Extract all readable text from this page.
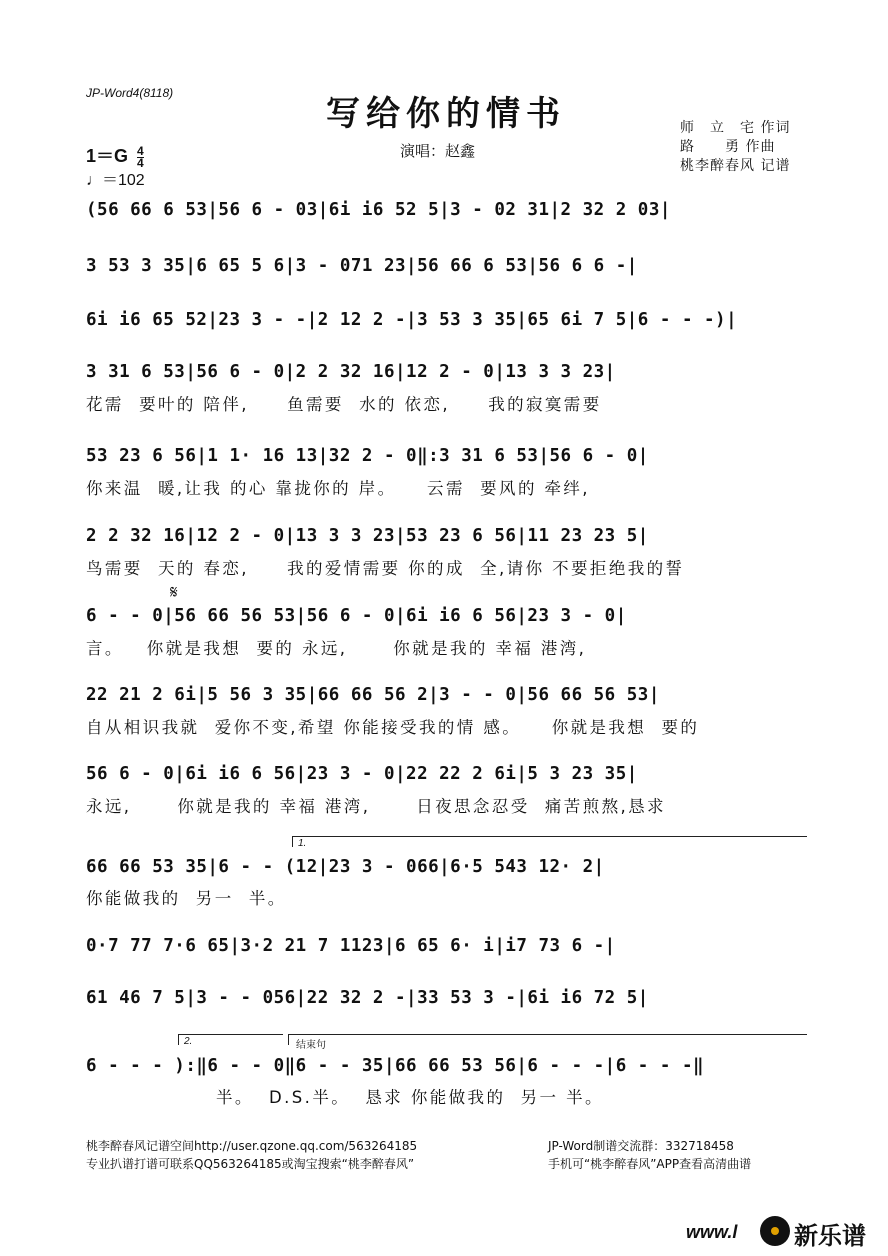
JP-Word4(8118)
写给你的情书
$1=G \frac{4}{4}$
♩＝102
演唱：赵鑫
师　立　宅 作词
路　　勇 作曲
桃李醉春风 记谱
𝄋
1.
2.	结束句
(56 66 6 53|56 6 - 03|6i i6 52 5|3 - 02 31|2 32 2 03|
3 53 3 35|6 65 5 6|3 - 071 23|56 66 6 53|56 6 6 -|
6i i6 65 52|23 3 - -|2 12 2 -|3 53 3 35|65 6i 7 5|6 - - -)|
3 31 6 53|56 6 - 0|2 2 32 16|12 2 - 0|13 3 3 23|
花需  要叶的 陪伴,     鱼需要  水的 依恋,     我的寂寞需要
53 23 6 56|1 1· 16 13|32 2 - 0‖:3 31 6 53|56 6 - 0|
你来温  暖,让我 的心 靠拢你的 岸。    云需  要风的 牵绊,
2 2 32 16|12 2 - 0|13 3 3 23|53 23 6 56|11 23 23 5|
鸟需要  天的 春恋,     我的爱情需要 你的成  全,请你 不要拒绝我的誓
6 - - 0|56 66 56 53|56 6 - 0|6i i6 6 56|23 3 - 0|
言。   你就是我想  要的 永远,      你就是我的 幸福 港湾,
22 21 2 6i|5 56 3 35|66 66 56 2|3 - - 0|56 66 56 53|
自从相识我就  爱你不变,希望 你能接受我的情 感。    你就是我想  要的
56 6 - 0|6i i6 6 56|23 3 - 0|22 22 2 6i|5 3 23 35|
永远,      你就是我的 幸福 港湾,      日夜思念忍受  痛苦煎熬,恳求
66 66 53 35|6 - - (12|23 3 - 066|6·5 543 12· 2|
你能做我的  另一  半。
0·7 77 7·6 65|3·2 21 7 1123|6 65 6· i|i7 73 6 -|
61 46 7 5|3 - - 056|22 32 2 -|33 53 3 -|6i i6 72 5|
6 - - - ):‖6 - - 0‖6 - - 35|66 66 53 56|6 - - -|6 - - -‖
半。  D.S.半。  恳求 你能做我的  另一 半。
桃李醉春风记谱空间http://user.qzone.qq.com/563264185
专业扒谱打谱可联系QQ563264185或淘宝搜索“桃李醉春风”
JP-Word制谱交流群：332718458
手机可“桃李醉春风”APP查看高清曲谱
www.l 新乐谱
